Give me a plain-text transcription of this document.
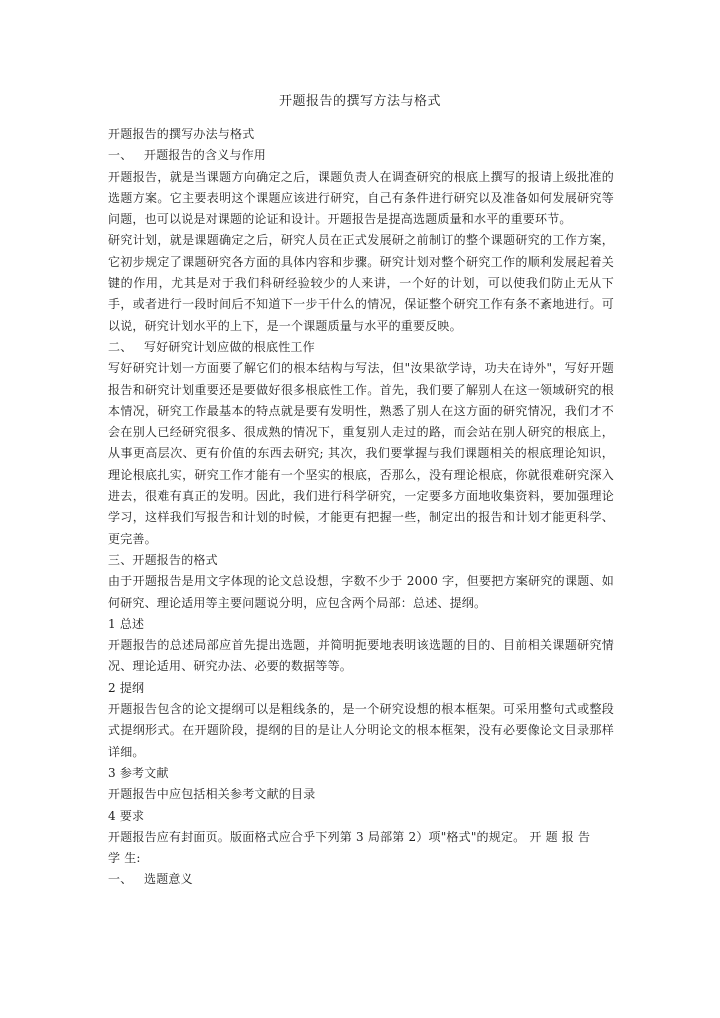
开题报告的撰写方法与格式

开题报告的撰写办法与格式

一、 开题报告的含义与作用

开题报告，就是当课题方向确定之后，课题负责人在调查研究的根底上撰写的报请上级批准的选题方案。它主要表明这个课题应该进行研究，自己有条件进行研究以及准备如何发展研究等问题，也可以说是对课题的论证和设计。开题报告是提高选题质量和水平的重要环节。

研究计划，就是课题确定之后，研究人员在正式发展研之前制订的整个课题研究的工作方案，它初步规定了课题研究各方面的具体内容和步骤。研究计划对整个研究工作的顺利发展起着关键的作用，尤其是对于我们科研经验较少的人来讲，一个好的计划，可以使我们防止无从下手，或者进行一段时间后不知道下一步干什么的情况，保证整个研究工作有条不紊地进行。可以说，研究计划水平的上下，是一个课题质量与水平的重要反映。

二、 写好研究计划应做的根底性工作

写好研究计划一方面要了解它们的根本结构与写法，但"汝果欲学诗，功夫在诗外"，写好开题报告和研究计划重要还是要做好很多根底性工作。首先，我们要了解别人在这一领域研究的根本情况，研究工作最基本的特点就是要有发明性，熟悉了别人在这方面的研究情况，我们才不会在别人已经研究很多、很成熟的情况下，重复别人走过的路，而会站在别人研究的根底上，从事更高层次、更有价值的东西去研究; 其次，我们要掌握与我们课题相关的根底理论知识，理论根底扎实，研究工作才能有一个坚实的根底，否那么，没有理论根底，你就很难研究深入进去，很难有真正的发明。因此，我们进行科学研究，一定要多方面地收集资料，要加强理论学习，这样我们写报告和计划的时候，才能更有把握一些，制定出的报告和计划才能更科学、更完善。

三、开题报告的格式

由于开题报告是用文字体现的论文总设想，字数不少于 2000 字，但要把方案研究的课题、如何研究、理论适用等主要问题说分明，应包含两个局部：总述、提纲。

1 总述

开题报告的总述局部应首先提出选题，并简明扼要地表明该选题的目的、目前相关课题研究情况、理论适用、研究办法、必要的数据等等。

2 提纲

开题报告包含的论文提纲可以是粗线条的，是一个研究设想的根本框架。可采用整句式或整段式提纲形式。在开题阶段，提纲的目的是让人分明论文的根本框架，没有必要像论文目录那样详细。

3 参考文献

开题报告中应包括相关参考文献的目录

4 要求

开题报告应有封面页。版面格式应合乎下列第 3 局部第 2）项"格式"的规定。 开 题 报 告

学 生:

一、 选题意义
